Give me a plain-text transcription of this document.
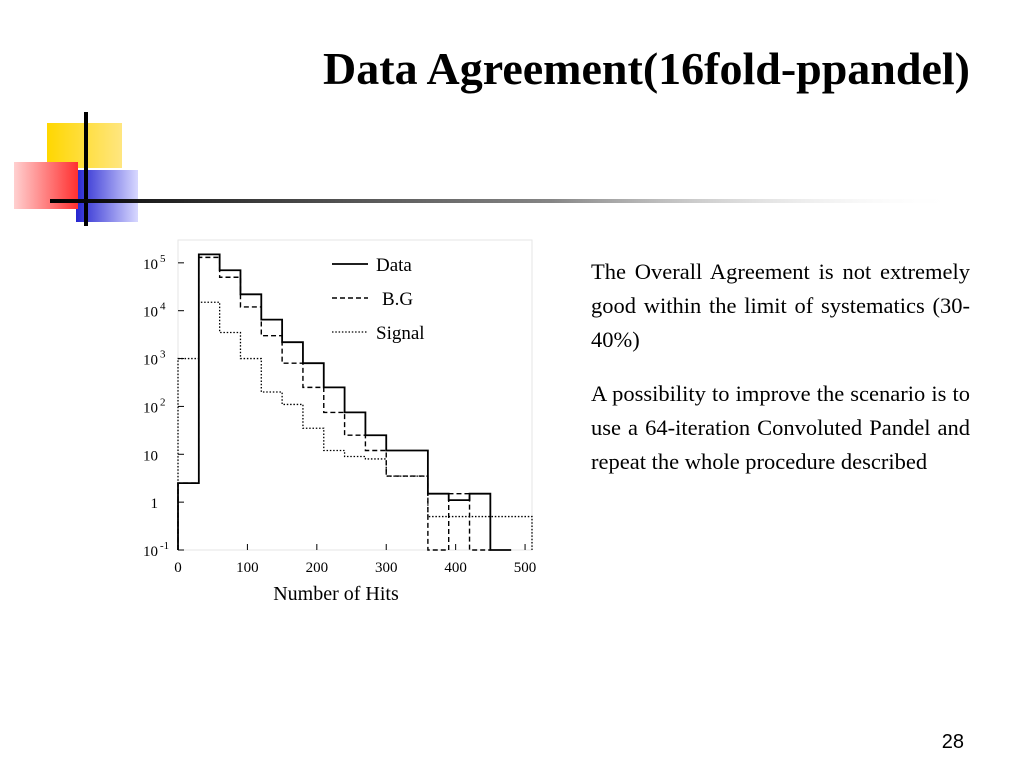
Data Agreement(16fold-ppandel)
0	100	200	300	400	500
10 -1
1
10
10 2
10 3
10 4
10 5	Data
B.G
Signal
Number of Hits

The Overall Agreement is not extremely good within the limit of systematics (30-40%)

A possibility to improve the scenario is to use a 64-iteration Convoluted Pandel and repeat the whole procedure described

28
